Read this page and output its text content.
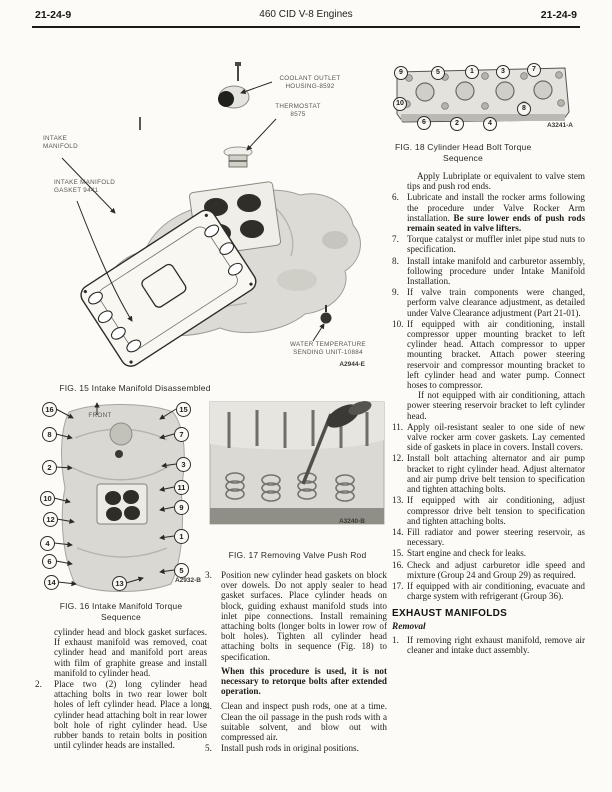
21-24-9	460 CID V-8 Engines	21-24-9
COOLANT OUTLET
HOUSING-8592
THERMOSTAT
8575
INTAKE
MANIFOLD
INTAKE MANIFOLD
GASKET 9441
WATER TEMPERATURE
SENDING UNIT-10884
A2944-E
FIG. 15 Intake Manifold Disassembled
FRONT
16
8
2
10
12
4
6
14
15
7
3
11
9
1
5
13	A2932-B
FIG. 16 Intake Manifold Torque
Sequence
A3240-B
FIG. 17 Removing Valve Push Rod
9	5	1	3	7
10
8
6	2	4	A3241-A
FIG. 18 Cylinder Head Bolt Torque
Sequence
cylinder head and block gasket surfaces. If exhaust manifold was removed, coat cylinder head and manifold port areas with film of graphite grease and install manifold to cylinder head.
2.	Place two (2) long cylinder head attaching bolts in two rear lower bolt holes of left cylinder head. Place a long cylinder head attaching bolt in rear lower bolt hole of right cylinder head. Use rubber bands to retain bolts in position until cylinder heads are installed.
3.	Position new cylinder head gaskets on block over dowels. Do not apply sealer to head gasket surfaces. Place cylinder heads on block, guiding exhaust manifold studs into inlet pipe connections. Install remaining attaching bolts (longer bolts in lower row of bolt holes). Tighten all cylinder head attaching bolts in sequence (Fig. 18) to specification.
When this procedure is used, it is not necessary to retorque bolts after extended operation.
4.	Clean and inspect push rods, one at a time. Clean the oil passage in the push rods with a suitable solvent, and blow out with compressed air.
5.	Install push rods in original positions.
Apply Lubriplate or equivalent to valve stem tips and push rod ends.
6. Lubricate and install the rocker arms following the procedure under Valve Rocker Arm installation. Be sure lower ends of push rods remain seated in valve lifters.
7. Torque catalyst or muffler inlet pipe stud nuts to specification.
8. Install intake manifold and carburetor assembly, following procedure under Intake Manifold Installation.
9. If valve train components were changed, perform valve clearance adjustment, as detailed under Valve Clearance adjustment (Part 21-01).
10. If equipped with air conditioning, install compressor upper mounting bracket to left cylinder head. Attach compressor to upper mounting bracket. Attach power steering reservoir and compressor mounting bracket to left cylinder head and water pump. Connect hoses to compressor.
If not equipped with air conditioning, attach power steering reservoir bracket to left cylinder head.
11. Apply oil-resistant sealer to one side of new valve rocker arm cover gaskets. Lay cemented side of gaskets in place in covers. Install covers.
12. Install bolt attaching alternator and air pump bracket to right cylinder head. Adjust alternator and air pump drive belt tension to specification and tighten attaching bolts.
13. If equipped with air conditioning, adjust compressor drive belt tension to specification and tighten attaching bolts.
14. Fill radiator and power steering reservoir, as necessary.
15. Start engine and check for leaks.
16. Check and adjust carburetor idle speed and mixture (Group 24 and Group 29) as required.
17. If equipped with air conditioning, evacuate and charge system with refrigerant (Group 36).
EXHAUST MANIFOLDS
Removal
1. If removing right exhaust manifold, remove air cleaner and intake duct assembly.
